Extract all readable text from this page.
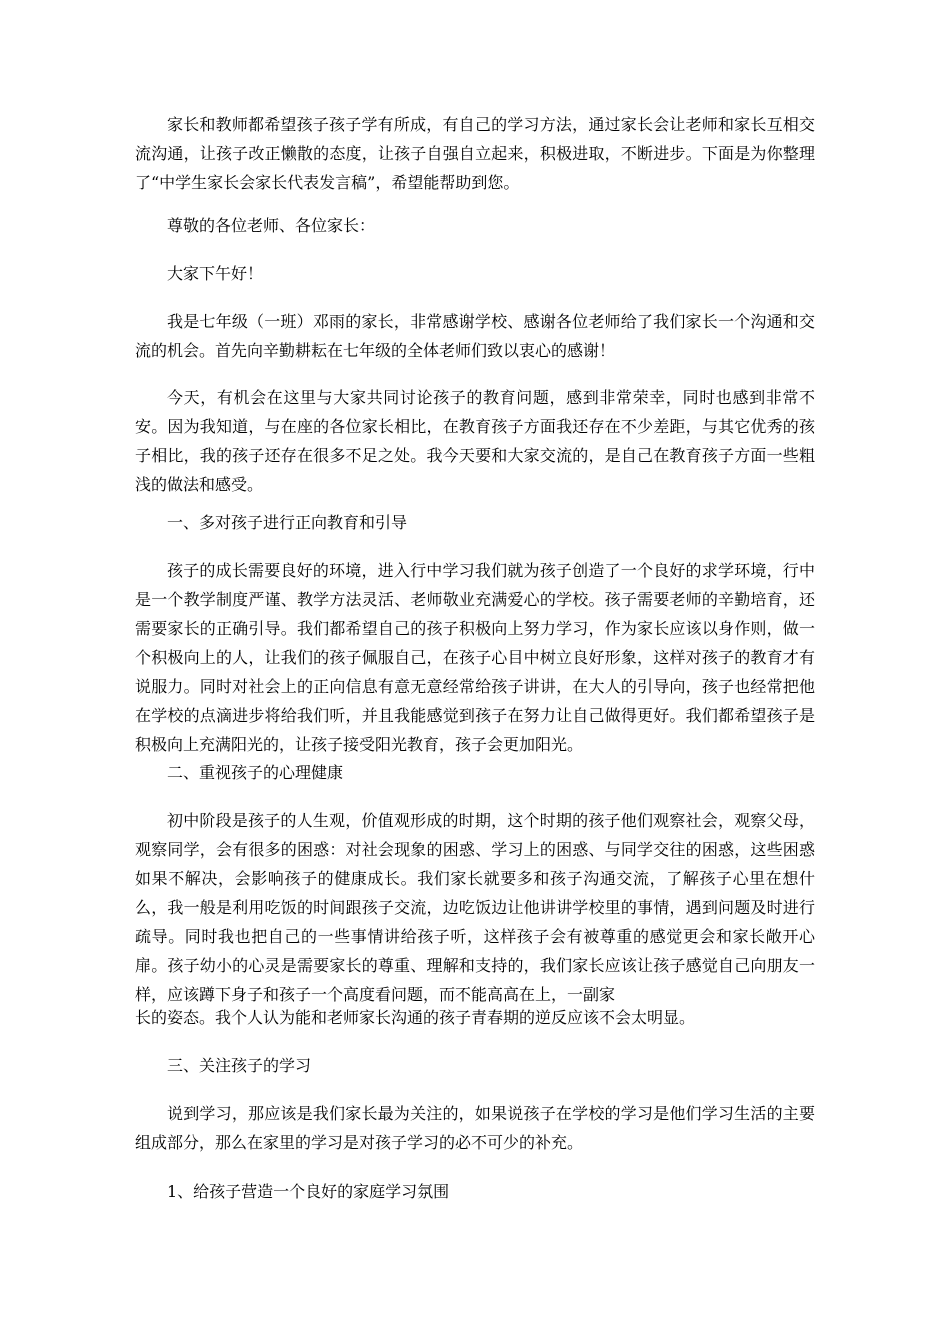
家长和教师都希望孩子孩子学有所成，有自己的学习方法，通过家长会让老师和家长互相交流沟通，让孩子改正懒散的态度，让孩子自强自立起来，积极进取，不断进步。下面是为你整理了“中学生家长会家长代表发言稿”，希望能帮助到您。

尊敬的各位老师、各位家长：

大家下午好！

我是七年级（一班）邓雨的家长，非常感谢学校、感谢各位老师给了我们家长一个沟通和交流的机会。首先向辛勤耕耘在七年级的全体老师们致以衷心的感谢！

今天，有机会在这里与大家共同讨论孩子的教育问题，感到非常荣幸，同时也感到非常不安。因为我知道，与在座的各位家长相比，在教育孩子方面我还存在不少差距，与其它优秀的孩子相比，我的孩子还存在很多不足之处。我今天要和大家交流的，是自己在教育孩子方面一些粗浅的做法和感受。

一、多对孩子进行正向教育和引导

孩子的成长需要良好的环境，进入行中学习我们就为孩子创造了一个良好的求学环境，行中是一个教学制度严谨、教学方法灵活、老师敬业充满爱心的学校。孩子需要老师的辛勤培育，还需要家长的正确引导。我们都希望自己的孩子积极向上努力学习，作为家长应该以身作则，做一个积极向上的人，让我们的孩子佩服自己，在孩子心目中树立良好形象，这样对孩子的教育才有说服力。同时对社会上的正向信息有意无意经常给孩子讲讲，在大人的引导向，孩子也经常把他在学校的点滴进步将给我们听，并且我能感觉到孩子在努力让自己做得更好。我们都希望孩子是积极向上充满阳光的，让孩子接受阳光教育，孩子会更加阳光。

二、重视孩子的心理健康

初中阶段是孩子的人生观，价值观形成的时期，这个时期的孩子他们观察社会，观察父母，观察同学，会有很多的困惑：对社会现象的困惑、学习上的困惑、与同学交往的困惑，这些困惑如果不解决，会影响孩子的健康成长。我们家长就要多和孩子沟通交流，了解孩子心里在想什么，我一般是利用吃饭的时间跟孩子交流，边吃饭边让他讲讲学校里的事情，遇到问题及时进行疏导。同时我也把自己的一些事情讲给孩子听，这样孩子会有被尊重的感觉更会和家长敞开心扉。孩子幼小的心灵是需要家长的尊重、理解和支持的，我们家长应该让孩子感觉自己向朋友一样，应该蹲下身子和孩子一个高度看问题，而不能高高在上，一副家

长的姿态。我个人认为能和老师家长沟通的孩子青春期的逆反应该不会太明显。

三、关注孩子的学习

说到学习，那应该是我们家长最为关注的，如果说孩子在学校的学习是他们学习生活的主要组成部分，那么在家里的学习是对孩子学习的必不可少的补充。

1、给孩子营造一个良好的家庭学习氛围
